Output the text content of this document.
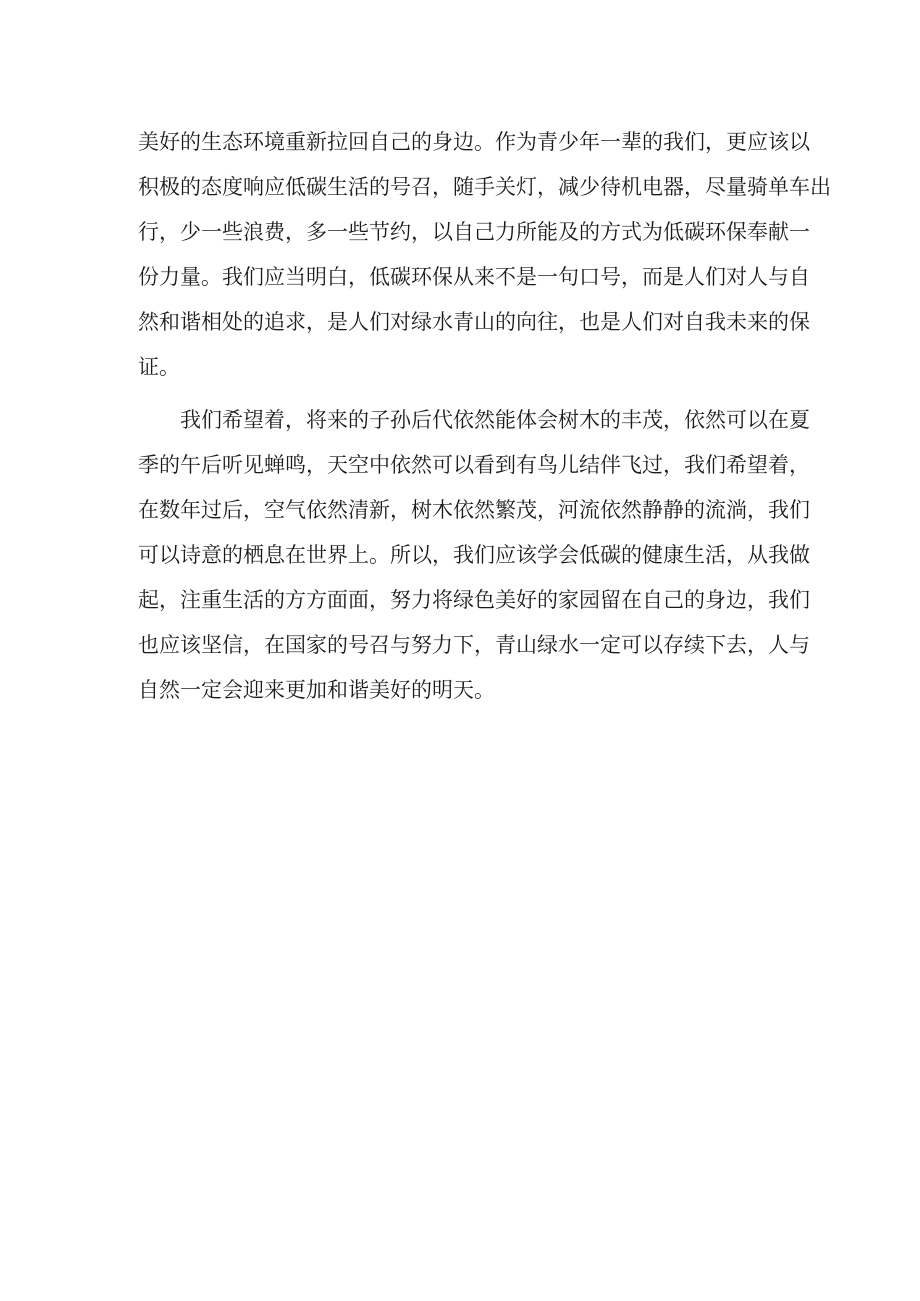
美好的生态环境重新拉回自己的身边。作为青少年一辈的我们，更应该以
积极的态度响应低碳生活的号召，随手关灯，减少待机电器，尽量骑单车出
行，少一些浪费，多一些节约，以自己力所能及的方式为低碳环保奉献一
份力量。我们应当明白，低碳环保从来不是一句口号，而是人们对人与自
然和谐相处的追求，是人们对绿水青山的向往，也是人们对自我未来的保
证。
我们希望着，将来的子孙后代依然能体会树木的丰茂，依然可以在夏
季的午后听见蝉鸣，天空中依然可以看到有鸟儿结伴飞过，我们希望着，
在数年过后，空气依然清新，树木依然繁茂，河流依然静静的流淌，我们
可以诗意的栖息在世界上。所以，我们应该学会低碳的健康生活，从我做
起，注重生活的方方面面，努力将绿色美好的家园留在自己的身边，我们
也应该坚信，在国家的号召与努力下，青山绿水一定可以存续下去，人与
自然一定会迎来更加和谐美好的明天。
